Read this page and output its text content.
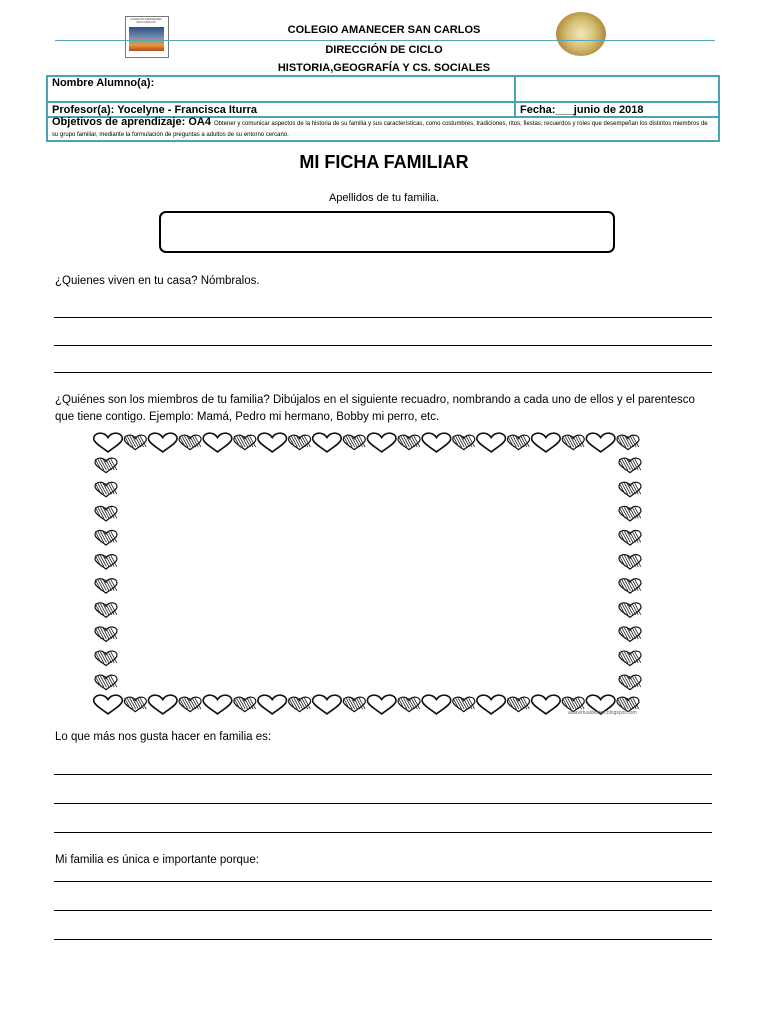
COLEGIO AMANECER SAN CARLOS
COLEGIO AMANECER SAN CARLOS
DIRECCIÓN DE CICLO
HISTORIA,GEOGRAFÍA Y CS. SOCIALES
Nombre Alumno(a):	
Profesor(a): Yocelyne - Francisca Iturra	Fecha:___junio de 2018
Objetivos de aprendizaje: OA4 Obtener y comunicar aspectos de la historia de su familia y sus características, como costumbres, tradiciones, ritos, fiestas, recuerdos y roles que desempeñan los distintos miembros de su grupo familiar, mediante la formulación de preguntas a adultos de su entorno cercano.	
MI FICHA FAMILIAR
Apellidos de tu familia.
¿Quienes viven en tu casa? Nómbralos.
¿Quiénes son los miembros de tu familia? Dibújalos en el siguiente recuadro, nombrando a cada uno de ellos y el parentesco que tiene contigo. Ejemplo: Mamá, Pedro mi hermano, Bobby mi perro, etc.
aulavirtualdesign.blogspot.com
Lo que más nos gusta hacer en familia es:
Mi familia es única e importante porque:
